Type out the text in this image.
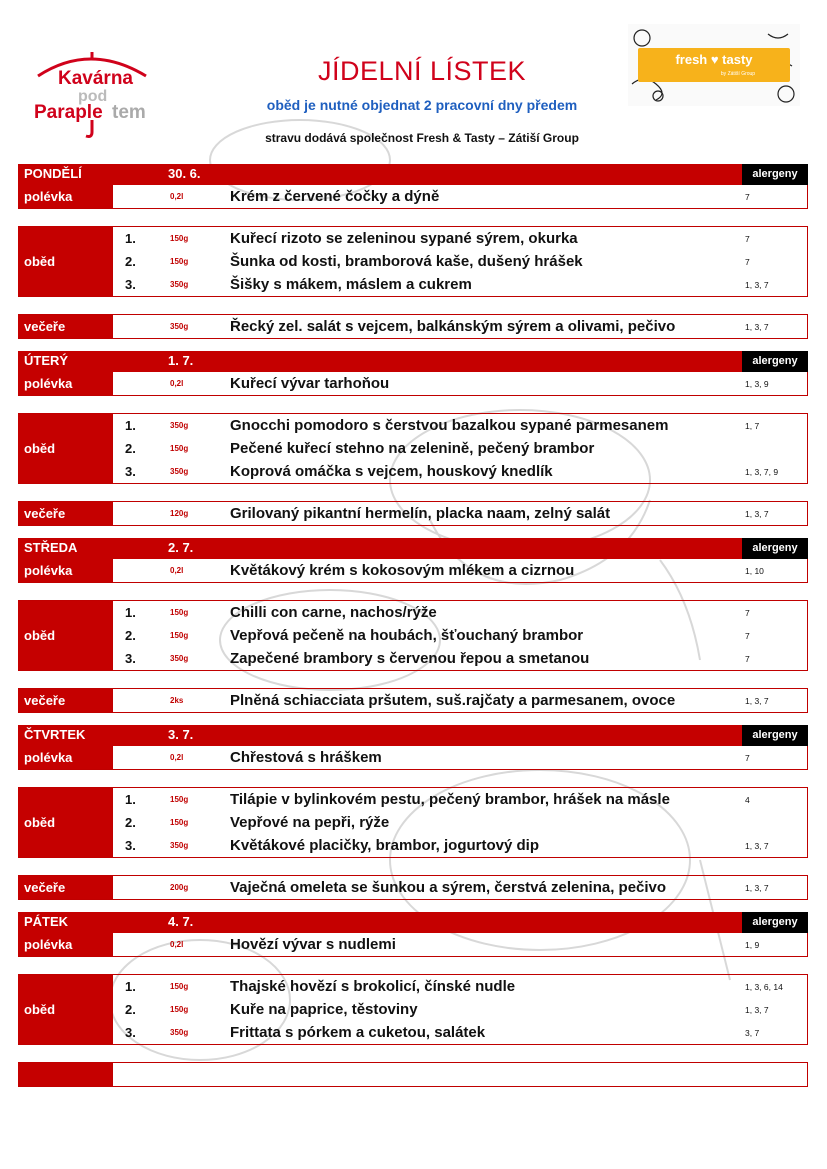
Kavárna
pod
Paraple tem
fresh ♥ tasty
by Zátiší Group
JÍDELNÍ LÍSTEK
oběd je nutné objednat 2 pracovní dny předem
stravu dodává společnost Fresh & Tasty – Zátiší Group
PONDĚLÍ	30. 6.	alergeny
polévka	0,2l	Krém z červené čočky a dýně	7
oběd
1.	150g	Kuřecí rizoto se zeleninou sypané sýrem, okurka	7
2.	150g	Šunka od kosti, bramborová kaše, dušený hrášek	7
3.	350g	Šišky s mákem, máslem a cukrem	1, 3, 7
večeře	350g	Řecký zel. salát s vejcem, balkánským sýrem a olivami, pečivo	1, 3, 7
ÚTERÝ	1. 7.	alergeny
polévka	0,2l	Kuřecí vývar tarhoňou	1, 3, 9
oběd
1.	350g	Gnocchi pomodoro s čerstvou bazalkou sypané parmesanem	1, 7
2.	150g	Pečené kuřecí stehno na zelenině, pečený brambor
3.	350g	Koprová omáčka s vejcem, houskový knedlík	1, 3, 7, 9
večeře	120g	Grilovaný pikantní hermelín, placka naam, zelný salát	1, 3, 7
STŘEDA	2. 7.	alergeny
polévka	0,2l	Květákový krém s kokosovým mlékem a cizrnou	1, 10
oběd
1.	150g	Chilli con carne, nachos/rýže	7
2.	150g	Vepřová pečeně na houbách, šťouchaný brambor	7
3.	350g	Zapečené brambory s červenou řepou a smetanou	7
večeře	2ks	Plněná schiacciata pršutem, suš.rajčaty a parmesanem, ovoce	1, 3, 7
ČTVRTEK	3. 7.	alergeny
polévka	0,2l	Chřestová s hráškem	7
oběd
1.	150g	Tilápie v bylinkovém pestu, pečený brambor, hrášek na másle	4
2.	150g	Vepřové na pepři, rýže
3.	350g	Květákové placičky, brambor, jogurtový dip	1, 3, 7
večeře	200g	Vaječná omeleta se šunkou a sýrem, čerstvá zelenina, pečivo	1, 3, 7
PÁTEK	4. 7.	alergeny
polévka	0,2l	Hovězí vývar s nudlemi	1, 9
oběd
1.	150g	Thajské hovězí s brokolicí, čínské nudle	1, 3, 6, 14
2.	150g	Kuře na paprice, těstoviny	1, 3, 7
3.	350g	Frittata s pórkem a cuketou, salátek	3, 7
